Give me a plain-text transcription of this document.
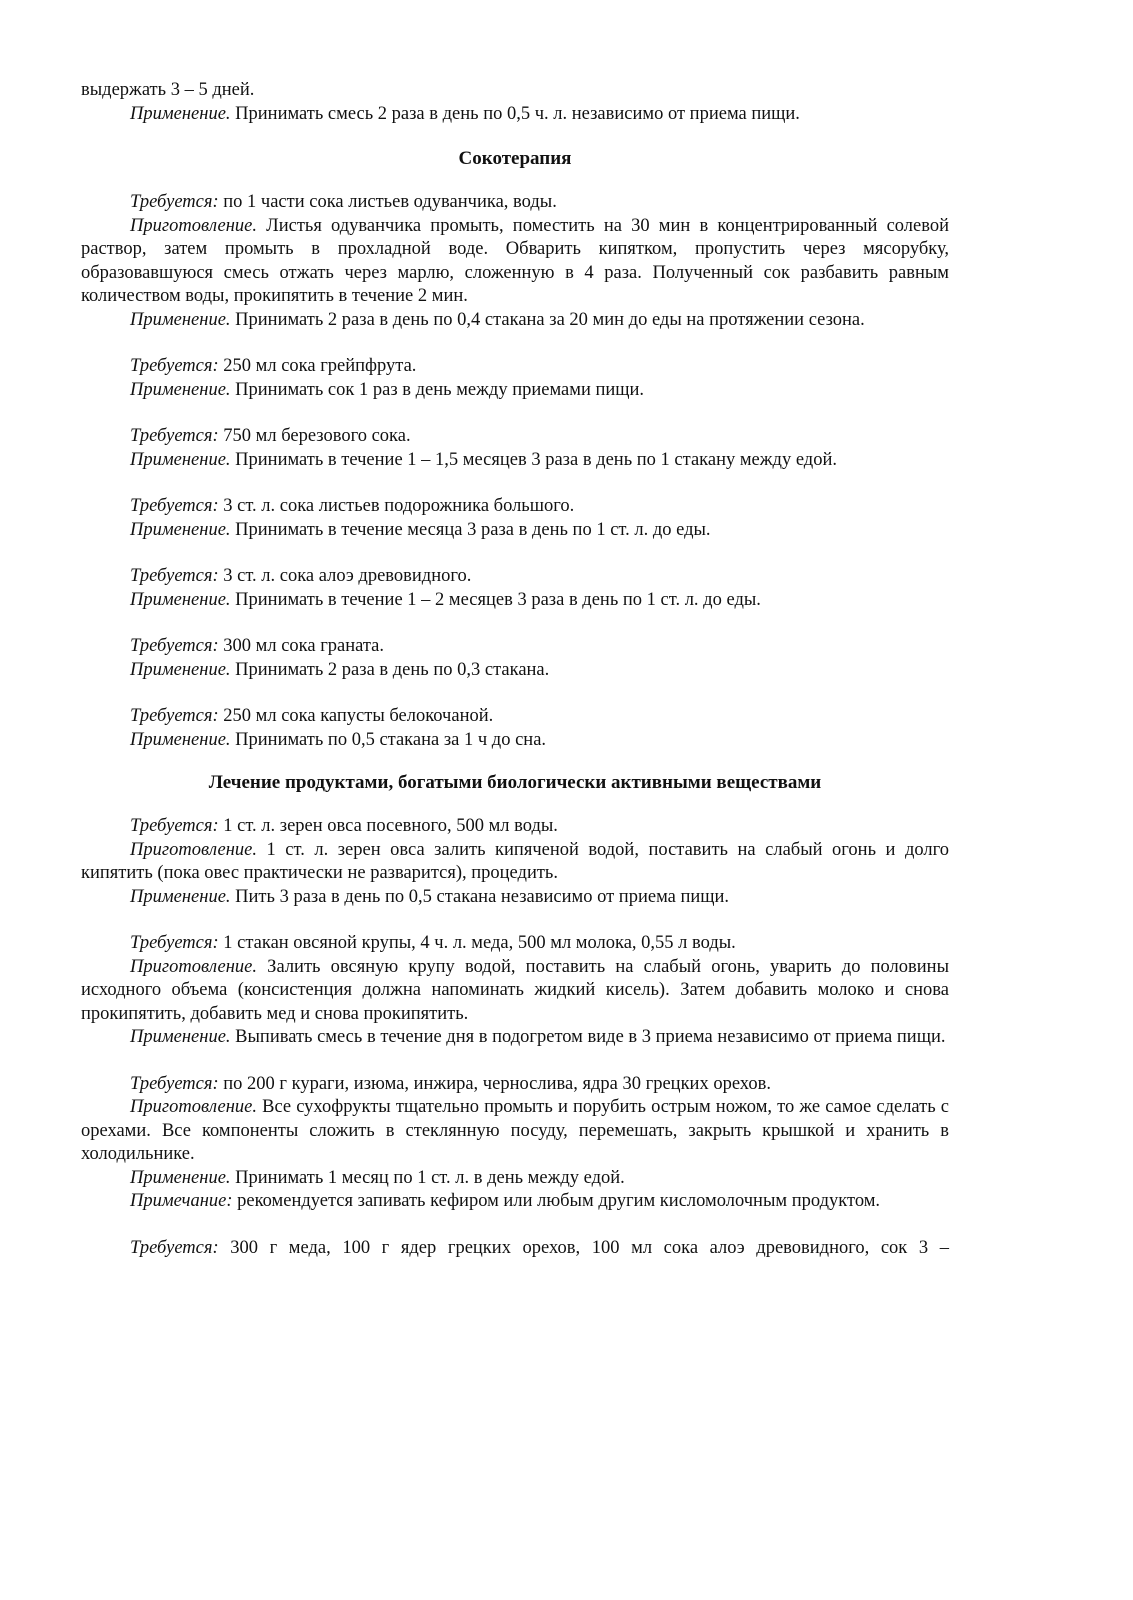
выдержать 3 – 5 дней.

Применение. Принимать смесь 2 раза в день по 0,5 ч. л. независимо от приема пищи.

Сокотерапия

Требуется: по 1 части сока листьев одуванчика, воды.

Приготовление. Листья одуванчика промыть, поместить на 30 мин в концентрированный солевой раствор, затем промыть в прохладной воде. Обварить кипятком, пропустить через мясорубку, образовавшуюся смесь отжать через марлю, сложенную в 4 раза. Полученный сок разбавить равным количеством воды, прокипятить в течение 2 мин.

Применение. Принимать 2 раза в день по 0,4 стакана за 20 мин до еды на протяжении сезона.

Требуется: 250 мл сока грейпфрута.

Применение. Принимать сок 1 раз в день между приемами пищи.

Требуется: 750 мл березового сока.

Применение. Принимать в течение 1 – 1,5 месяцев 3 раза в день по 1 стакану между едой.

Требуется: 3 ст. л. сока листьев подорожника большого.

Применение. Принимать в течение месяца 3 раза в день по 1 ст. л. до еды.

Требуется: 3 ст. л. сока алоэ древовидного.

Применение. Принимать в течение 1 – 2 месяцев 3 раза в день по 1 ст. л. до еды.

Требуется: 300 мл сока граната.

Применение. Принимать 2 раза в день по 0,3 стакана.

Требуется: 250 мл сока капусты белокочаной.

Применение. Принимать по 0,5 стакана за 1 ч до сна.

Лечение продуктами, богатыми биологически активными веществами

Требуется: 1 ст. л. зерен овса посевного, 500 мл воды.

Приготовление. 1 ст. л. зерен овса залить кипяченой водой, поставить на слабый огонь и долго кипятить (пока овес практически не разварится), процедить.

Применение. Пить 3 раза в день по 0,5 стакана независимо от приема пищи.

Требуется: 1 стакан овсяной крупы, 4 ч. л. меда, 500 мл молока, 0,55 л воды.

Приготовление. Залить овсяную крупу водой, поставить на слабый огонь, уварить до половины исходного объема (консистенция должна напоминать жидкий кисель). Затем добавить молоко и снова прокипятить, добавить мед и снова прокипятить.

Применение. Выпивать смесь в течение дня в подогретом виде в 3 приема независимо от приема пищи.

Требуется: по 200 г кураги, изюма, инжира, чернослива, ядра 30 грецких орехов.

Приготовление. Все сухофрукты тщательно промыть и порубить острым ножом, то же самое сделать с орехами. Все компоненты сложить в стеклянную посуду, перемешать, закрыть крышкой и хранить в холодильнике.

Применение. Принимать 1 месяц по 1 ст. л. в день между едой.

Примечание: рекомендуется запивать кефиром или любым другим кисломолочным продуктом.

Требуется: 300 г меда, 100 г ядер грецких орехов, 100 мл сока алоэ древовидного, сок 3 –
